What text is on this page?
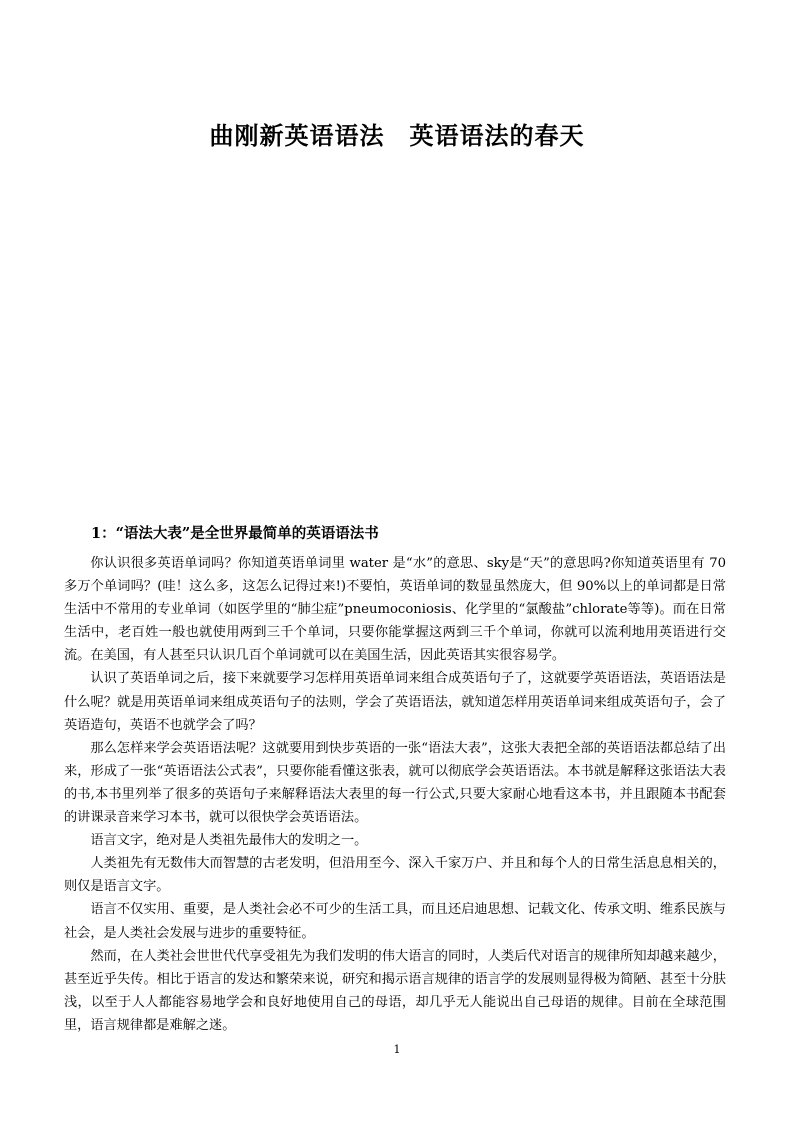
曲刚新英语语法　英语语法的春天
1：“语法大表”是全世界最简单的英语语法书

你认识很多英语单词吗？你知道英语单词里 water 是“水”的意思、sky是“天”的意思吗?你知道英语里有 70多万个单词吗？(哇！这么多，这怎么记得过来!)不要怕，英语单词的数显虽然庞大，但 90%以上的单词都是日常生活中不常用的专业单词（如医学里的“肺尘症”pneumoconiosis、化学里的“氯酸盐”chlorate等等)。而在日常生活中，老百姓一般也就使用两到三千个单词，只要你能掌握这两到三千个单词，你就可以流利地用英语进行交流。在美国，有人甚至只认识几百个单词就可以在美国生活，因此英语其实很容易学。

认识了英语单词之后，接下来就要学习怎样用英语单词来组合成英语句子了，这就要学英语语法，英语语法是什么呢？就是用英语单词来组成英语句子的法则，学会了英语语法，就知道怎样用英语单词来组成英语句子，会了英语造句，英语不也就学会了吗？

那么怎样来学会英语语法呢？这就要用到快步英语的一张“语法大表”，这张大表把全部的英语语法都总结了出来，形成了一张“英语语法公式表”，只要你能看懂这张表，就可以彻底学会英语语法。本书就是解释这张语法大表的书,本书里列举了很多的英语句子来解释语法大表里的每一行公式,只要大家耐心地看这本书，并且跟随本书配套的讲课录音来学习本书，就可以很快学会英语语法。

语言文字，绝对是人类祖先最伟大的发明之一。

人类祖先有无数伟大而智慧的古老发明，但沿用至今、深入千家万户、并且和每个人的日常生活息息相关的，则仅是语言文字。

语言不仅实用、重要，是人类社会必不可少的生活工具，而且还启迪思想、记载文化、传承文明、维系民族与社会，是人类社会发展与进步的重要特征。

然而，在人类社会世世代代享受祖先为我们发明的伟大语言的同时，人类后代对语言的规律所知却越来越少，甚至近乎失传。相比于语言的发达和繁荣来说，研究和揭示语言规律的语言学的发展则显得极为简陋、甚至十分肤浅，以至于人人都能容易地学会和良好地使用自己的母语，却几乎无人能说出自己母语的规律。目前在全球范围里，语言规律都是难解之迷。

1
